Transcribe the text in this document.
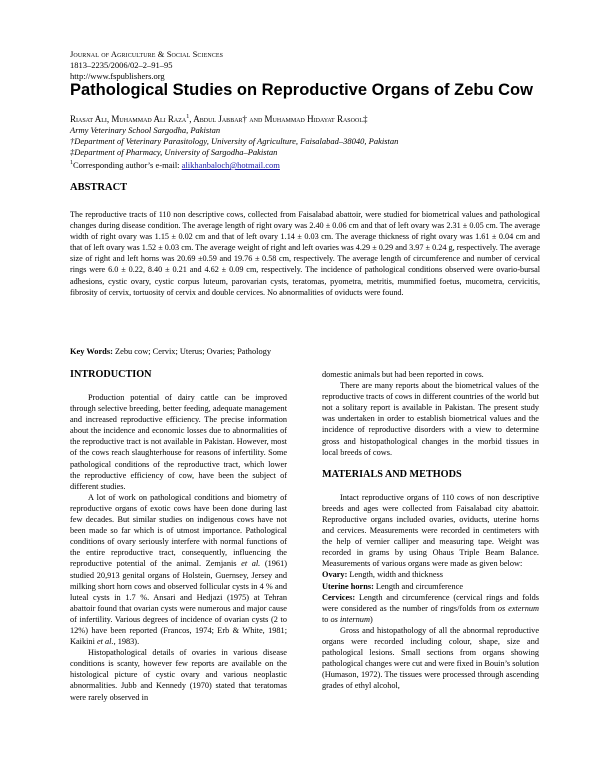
Journal of Agriculture & Social Sciences
1813–2235/2006/02–2–91–95
http://www.fspublishers.org
Pathological Studies on Reproductive Organs of Zebu Cow
Riasat Ali, Muhammad Ali Raza$^1$, Abdul Jabbar† and Muhammad Hidayat Rasool‡
Army Veterinary School Sargodha, Pakistan
†Department of Veterinary Parasitology, University of Agriculture, Faisalabad–38040, Pakistan
‡Department of Pharmacy, University of Sargodha–Pakistan
$^1$Corresponding author’s e-mail: alikhanbaloch@hotmail.com
ABSTRACT
The reproductive tracts of 110 non descriptive cows, collected from Faisalabad abattoir, were studied for biometrical values and pathological changes during disease condition. The average length of right ovary was 2.40 ± 0.06 cm and that of left ovary was 2.31 ± 0.05 cm. The average width of right ovary was 1.15 ± 0.02 cm and that of left ovary 1.14 ± 0.03 cm. The average thickness of right ovary was 1.61 ± 0.04 cm and that of left ovary was 1.52 ± 0.03 cm. The average weight of right and left ovaries was 4.29 ± 0.29 and 3.97 ± 0.24 g, respectively. The average size of right and left horns was 20.69 ±0.59 and 19.76 ± 0.58 cm, respectively. The average length of circumference and number of cervical rings were 6.0 ± 0.22, 8.40 ± 0.21 and 4.62 ± 0.09 cm, respectively. The incidence of pathological conditions observed were ovario-bursal adhesions, cystic ovary, cystic corpus luteum, parovarian cysts, teratomas, pyometra, metritis, mummified foetus, mucometra, cervicitis, fibrosity of cervix, tortuosity of cervix and double cervices. No abnormalities of oviducts were found.
Key Words: Zebu cow; Cervix; Uterus; Ovaries; Pathology
INTRODUCTION

Production potential of dairy cattle can be improved through selective breeding, better feeding, adequate management and increased reproductive efficiency. The precise information about the incidence and economic losses due to abnormalities of the reproductive tract is not available in Pakistan. However, most of the cows reach slaughterhouse for reasons of infertility. Some pathological conditions of the reproductive tract, which lower the reproductive efficiency of cow, have been the subject of different studies.

A lot of work on pathological conditions and biometry of reproductive organs of exotic cows have been done during last few decades. But similar studies on indigenous cows have not been made so far which is of utmost importance. Pathological conditions of ovary seriously interfere with normal functions of the entire reproductive tract, consequently, influencing the reproductive potential of the animal. Zemjanis et al. (1961) studied 20,913 genital organs of Holstein, Guernsey, Jersey and milking short horn cows and observed follicular cysts in 4 % and luteal cysts in 1.7 %. Ansari and Hedjazi (1975) at Tehran abattoir found that ovarian cysts were numerous and major cause of infertility. Various degrees of incidence of ovarian cysts (2 to 12%) have been reported (Francos, 1974; Erb & White, 1981; Kaikini et al., 1983).

Histopathological details of ovaries in various disease conditions is scanty, however few reports are available on the histological picture of cystic ovary and various neoplastic abnormalities. Jubb and Kennedy (1970) stated that teratomas were rarely observed in

domestic animals but had been reported in cows.

There are many reports about the biometrical values of the reproductive tracts of cows in different countries of the world but not a solitary report is available in Pakistan. The present study was undertaken in order to establish biometrical values and the incidence of reproductive disorders with a view to determine gross and histopathological changes in the morbid tissues in local breeds of cows.

MATERIALS AND METHODS

Intact reproductive organs of 110 cows of non descriptive breeds and ages were collected from Faisalabad city abattoir. Reproductive organs included ovaries, oviducts, uterine horns and cervices. Measurements were recorded in centimeters with the help of vernier calliper and measuring tape. Weight was recorded in grams by using Ohaus Triple Beam Balance. Measurements of various organs were made as given below:

Ovary: Length, width and thickness

Uterine horns: Length and circumference

Cervices: Length and circumference (cervical rings and folds were considered as the number of rings/folds from os externum to os internum)

Gross and histopathology of all the abnormal reproductive organs were recorded including colour, shape, size and pathological lesions. Small sections from organs showing pathological changes were cut and were fixed in Bouin’s solution (Humason, 1972). The tissues were processed through ascending grades of ethyl alcohol,
